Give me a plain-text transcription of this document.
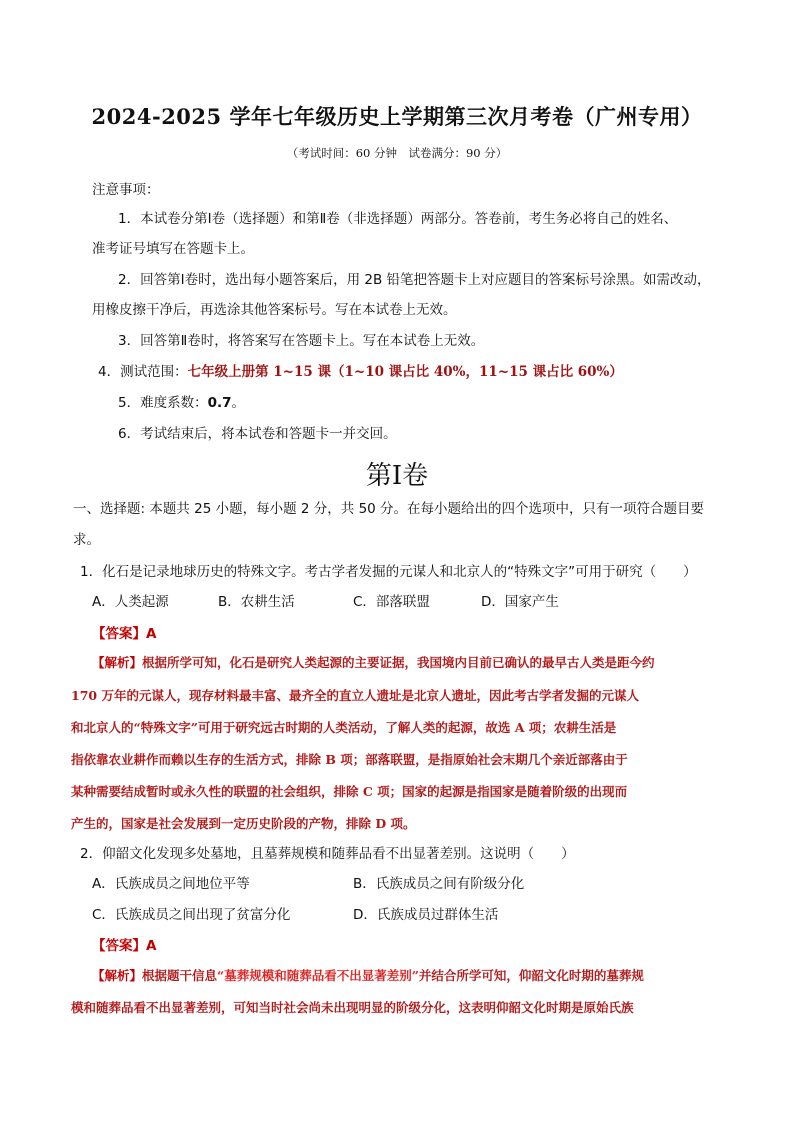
2024-2025 学年七年级历史上学期第三次月考卷（广州专用）
（考试时间：60 分钟　试卷满分：90 分）
注意事项：
1．本试卷分第Ⅰ卷（选择题）和第Ⅱ卷（非选择题）两部分。答卷前，考生务必将自己的姓名、
准考证号填写在答题卡上。
2．回答第Ⅰ卷时，选出每小题答案后，用 2B 铅笔把答题卡上对应题目的答案标号涂黑。如需改动，
用橡皮擦干净后，再选涂其他答案标号。写在本试卷上无效。
3．回答第Ⅱ卷时，将答案写在答题卡上。写在本试卷上无效。
4．测试范围：七年级上册第 1~15 课（1~10 课占比 40%，11~15 课占比 60%）
5．难度系数：0.7。
6．考试结束后，将本试卷和答题卡一并交回。
第Ⅰ卷
一、选择题: 本题共 25 小题，每小题 2 分，共 50 分。在每小题给出的四个选项中，只有一项符合题目要
求。
1．化石是记录地球历史的特殊文字。考古学者发掘的元谋人和北京人的“特殊文字”可用于研究（　　）
A．人类起源	B．农耕生活	C．部落联盟	D．国家产生
【答案】A
【解析】根据所学可知，化石是研究人类起源的主要证据，我国境内目前已确认的最早古人类是距今约
170 万年的元谋人，现存材料最丰富、最齐全的直立人遗址是北京人遗址，因此考古学者发掘的元谋人
和北京人的“特殊文字”可用于研究远古时期的人类活动，了解人类的起源，故选 A 项；农耕生活是
指依靠农业耕作而赖以生存的生活方式，排除 B 项；部落联盟，是指原始社会末期几个亲近部落由于
某种需要结成暂时或永久性的联盟的社会组织，排除 C 项；国家的起源是指国家是随着阶级的出现而
产生的，国家是社会发展到一定历史阶段的产物，排除 D 项。
2．仰韶文化发现多处墓地，且墓葬规模和随葬品看不出显著差别。这说明（　　）
A．氏族成员之间地位平等	B．氏族成员之间有阶级分化
C．氏族成员之间出现了贫富分化	D．氏族成员过群体生活
【答案】A
【解析】根据题干信息“墓葬规模和随葬品看不出显著差别”并结合所学可知，仰韶文化时期的墓葬规
模和随葬品看不出显著差别，可知当时社会尚未出现明显的阶级分化，这表明仰韶文化时期是原始氏族
